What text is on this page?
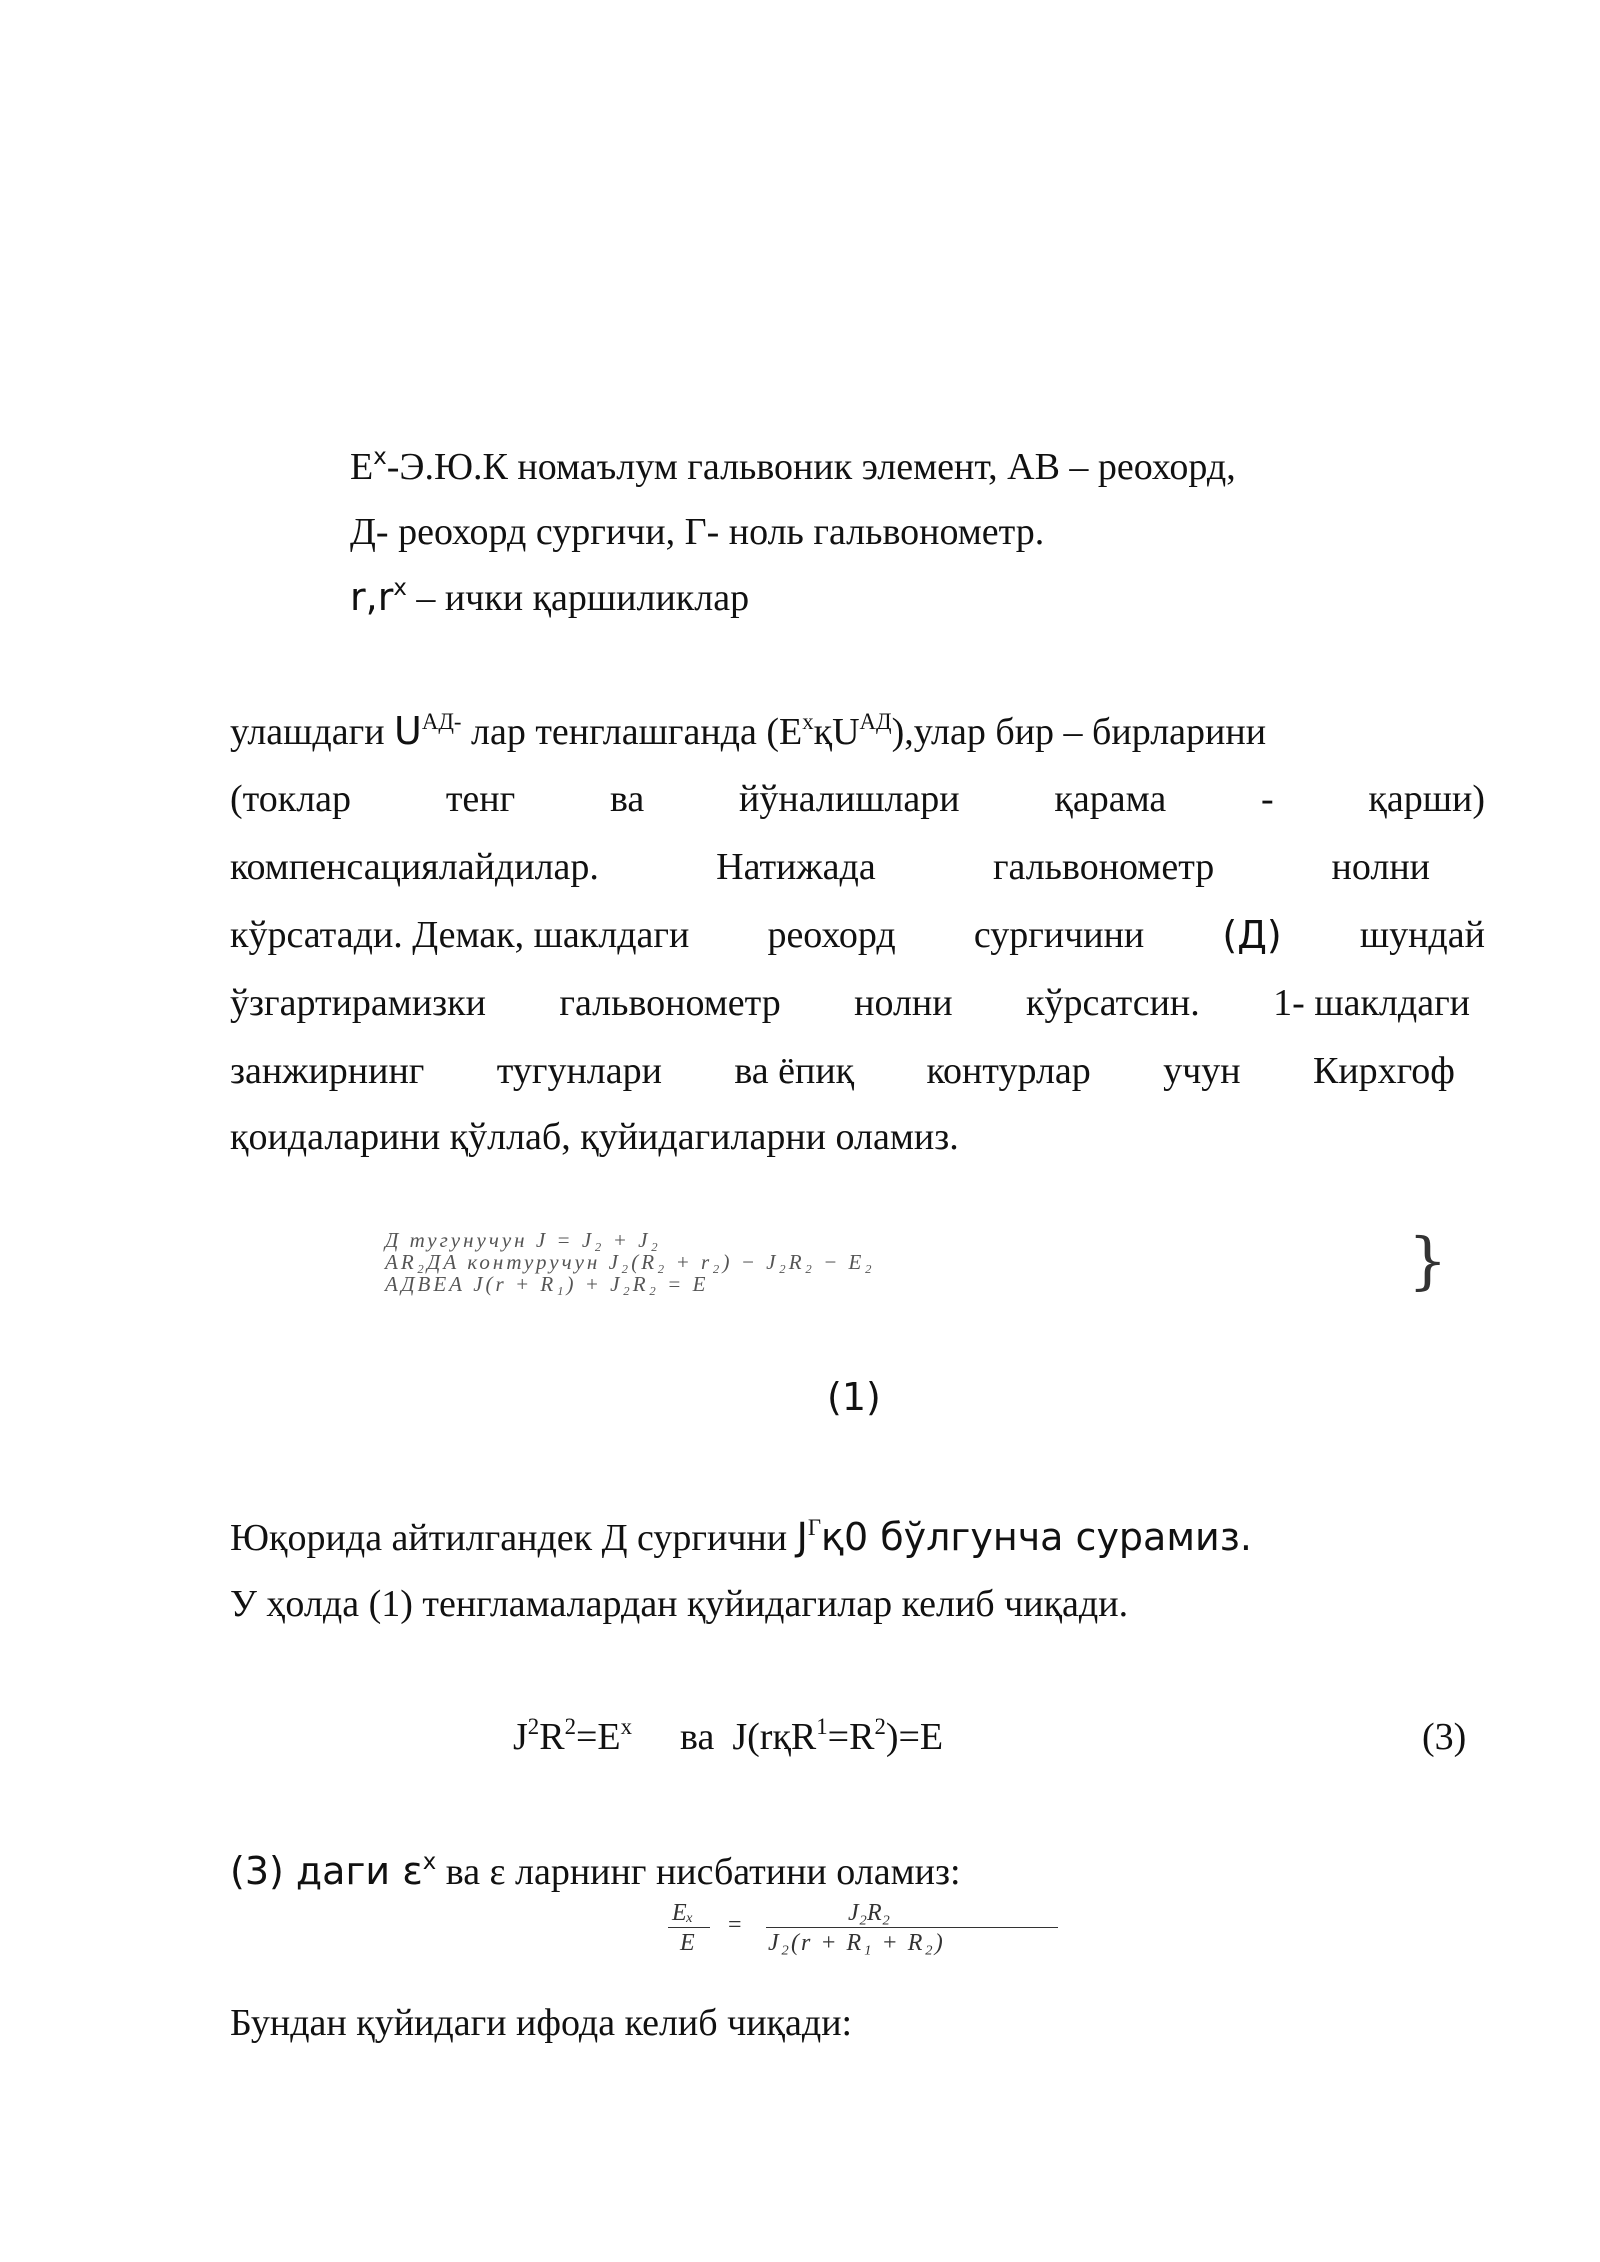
$E^x-Э.Ю.К$ номаълум гальвоник элемент, АВ – реохорд,
Д- реохорд сургичи, Г- ноль гальвонометр.
$r,r^x$ – ички қаршиликлар
улашдаги $U^{АД-}$ лар тенглашганда $(E^xқU^{АД}),улар$ бир – бирларини
(токлар тенг ва йўналишлари қарама - қарши)
компенсациялайдилар.	Натижада	гальвонометр	нолни
кўрсатади. Демак, шаклдаги реохорд сургичини (Д) шундай
ўзгартирамизки гальвонометр нолни кўрсатсин. 1- шаклдаги
занжирнинг тугунлари ва ёпиқ контурлар учун Кирхгоф
қоидаларини қўллаб, қуйидагиларни оламиз.
Д тугунучун J = J₂ + J₂
AR₂ДА контуручун J₂(R₂ + r₂) − J₂R₂ − E₂
АДВЕА J(r + R₁) + J₂R₂ = E	}
(1)
Юқорида айтилгандек Д сургични $J^Гқ0$ бўлгунча сурамиз.
У ҳолда (1) тенгламалардан қуйидагилар келиб чиқади.
$J^2R^2=E^x$ ва $J(rқR^1=R^2)=E$	(3)
(3) даги $\varepsilon^x$ ва ε ларнинг нисбатини оламиз:
Eₓ
E
=	J₂R₂
J₂(r + R₁ + R₂)
Бундан қуйидаги ифода келиб чиқади:
